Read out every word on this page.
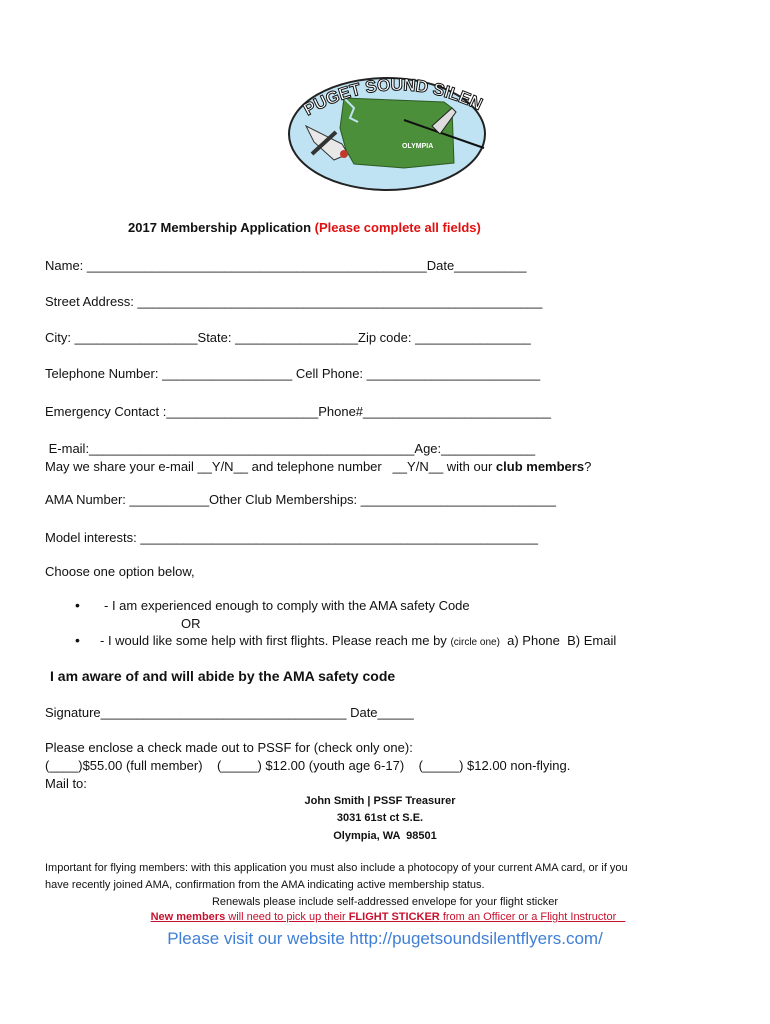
PUGET SOUND SILEN
OLYMPIA
2017 Membership Application (Please complete all fields)
Name: _______________________________________________Date__________
Street Address: ________________________________________________________
City: _________________State: _________________Zip code: ________________
Telephone Number: __________________ Cell Phone: ________________________
Emergency Contact :_____________________Phone#__________________________
E-mail:_____________________________________________Age:_____________
May we share your e-mail __Y/N__ and telephone number   __Y/N__ with our club members?
AMA Number: ___________Other Club Memberships: ___________________________
Model interests: _______________________________________________________
Choose one option below,
• - I am experienced enough to comply with the AMA safety Code
OR
• - I would like some help with first flights. Please reach me by (circle one)  a) Phone  B) Email
I am aware of and will abide by the AMA safety code
Signature__________________________________ Date_____
Please enclose a check made out to PSSF for (check only one):
(____)$55.00 (full member)    (_____) $12.00 (youth age 6-17)    (_____) $12.00 non-flying.
Mail to:
John Smith | PSSF Treasurer
3031 61st ct S.E.
Olympia, WA  98501
Important for flying members: with this application you must also include a photocopy of your current AMA card, or if you
have recently joined AMA, confirmation from the AMA indicating active membership status.
Renewals please include self-addressed envelope for your flight sticker
New members will need to pick up their FLIGHT STICKER from an Officer or a Flight Instructor
Please visit our website http://pugetsoundsilentflyers.com/
